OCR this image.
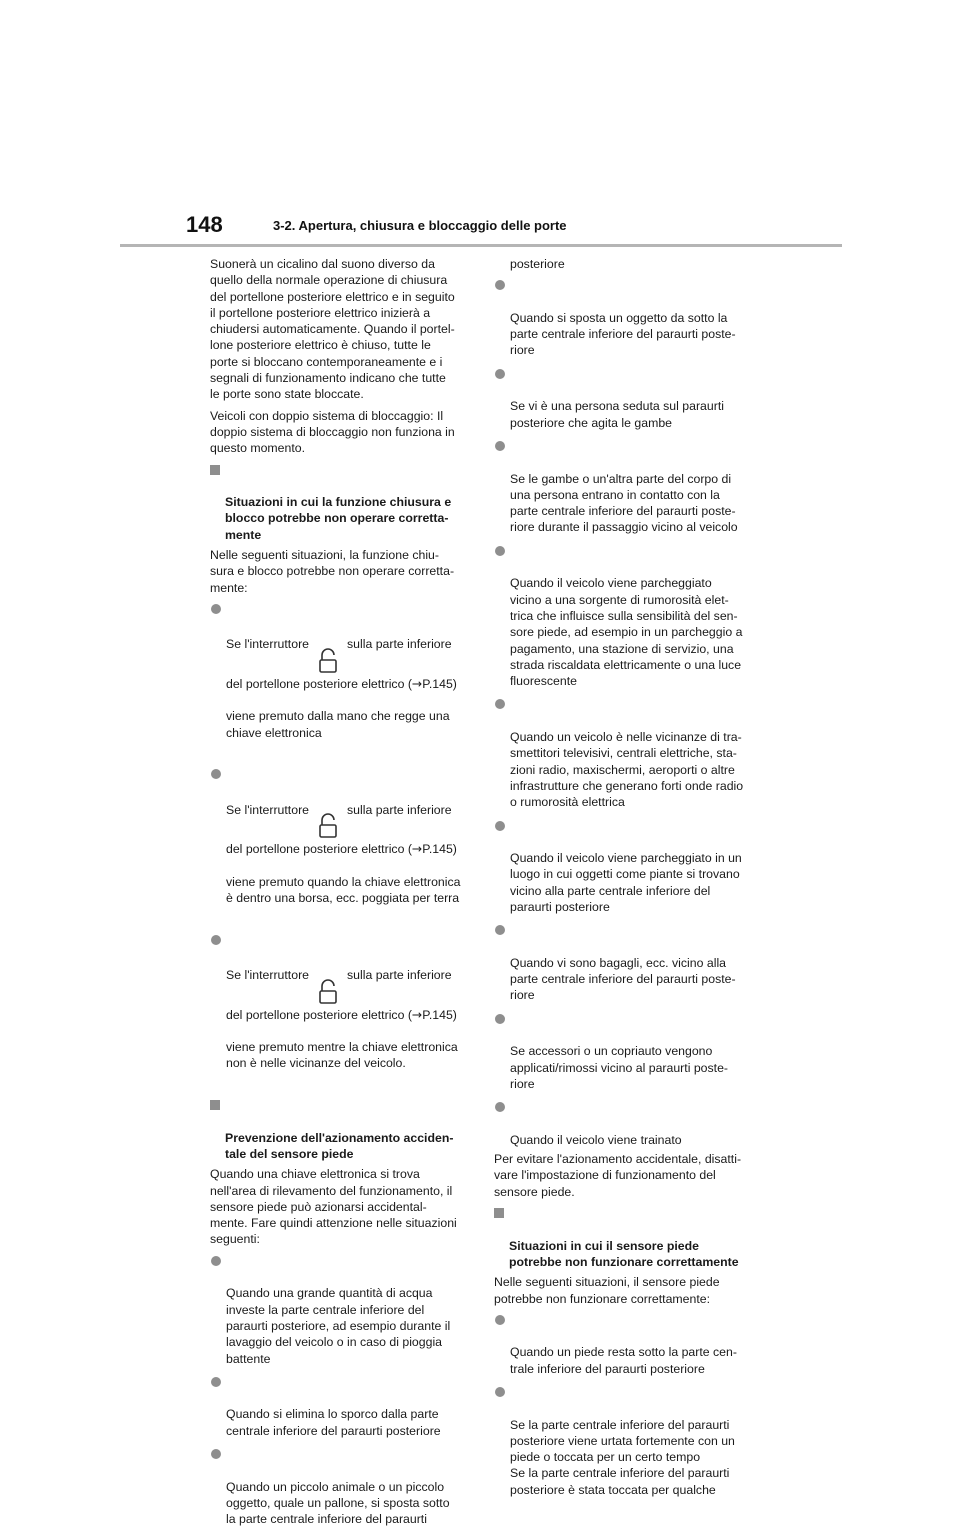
148	3-2. Apertura, chiusura e bloccaggio delle porte

Suonerà un cicalino dal suono diverso da
quello della normale operazione di chiusura
del portellone posteriore elettrico e in seguito
il portellone posteriore elettrico inizierà a
chiudersi automaticamente. Quando il portel-
lone posteriore elettrico è chiuso, tutte le
porte si bloccano contemporaneamente e i
segnali di funzionamento indicano che tutte
le porte sono state bloccate.

Veicoli con doppio sistema di bloccaggio: Il
doppio sistema di bloccaggio non funziona in
questo momento.

Situazioni in cui la funzione chiusura e
blocco potrebbe non operare corretta-
mente

Nelle seguenti situazioni, la funzione chiu-
sura e blocco potrebbe non operare corretta-
mente:

Se l'interruttore	sulla parte inferiore

del portellone posteriore elettrico (→P.145)

viene premuto dalla mano che regge una
chiave elettronica

Se l'interruttore	sulla parte inferiore

del portellone posteriore elettrico (→P.145)

viene premuto quando la chiave elettronica
è dentro una borsa, ecc. poggiata per terra

Se l'interruttore	sulla parte inferiore

del portellone posteriore elettrico (→P.145)

viene premuto mentre la chiave elettronica
non è nelle vicinanze del veicolo.

Prevenzione dell'azionamento acciden-
tale del sensore piede

Quando una chiave elettronica si trova
nell'area di rilevamento del funzionamento, il
sensore piede può azionarsi accidental-
mente. Fare quindi attenzione nelle situazioni
seguenti:

Quando una grande quantità di acqua
investe la parte centrale inferiore del
paraurti posteriore, ad esempio durante il
lavaggio del veicolo o in caso di pioggia
battente

Quando si elimina lo sporco dalla parte
centrale inferiore del paraurti posteriore

Quando un piccolo animale o un piccolo
oggetto, quale un pallone, si sposta sotto
la parte centrale inferiore del paraurti

posteriore

Quando si sposta un oggetto da sotto la
parte centrale inferiore del paraurti poste-
riore

Se vi è una persona seduta sul paraurti
posteriore che agita le gambe

Se le gambe o un'altra parte del corpo di
una persona entrano in contatto con la
parte centrale inferiore del paraurti poste-
riore durante il passaggio vicino al veicolo

Quando il veicolo viene parcheggiato
vicino a una sorgente di rumorosità elet-
trica che influisce sulla sensibilità del sen-
sore piede, ad esempio in un parcheggio a
pagamento, una stazione di servizio, una
strada riscaldata elettricamente o una luce
fluorescente

Quando un veicolo è nelle vicinanze di tra-
smettitori televisivi, centrali elettriche, sta-
zioni radio, maxischermi, aeroporti o altre
infrastrutture che generano forti onde radio
o rumorosità elettrica

Quando il veicolo viene parcheggiato in un
luogo in cui oggetti come piante si trovano
vicino alla parte centrale inferiore del
paraurti posteriore

Quando vi sono bagagli, ecc. vicino alla
parte centrale inferiore del paraurti poste-
riore

Se accessori o un copriauto vengono
applicati/rimossi vicino al paraurti poste-
riore

Quando il veicolo viene trainato

Per evitare l'azionamento accidentale, disatti-
vare l'impostazione di funzionamento del
sensore piede.

Situazioni in cui il sensore piede
potrebbe non funzionare correttamente

Nelle seguenti situazioni, il sensore piede
potrebbe non funzionare correttamente:

Quando un piede resta sotto la parte cen-
trale inferiore del paraurti posteriore

Se la parte centrale inferiore del paraurti
posteriore viene urtata fortemente con un
piede o toccata per un certo tempo
Se la parte centrale inferiore del paraurti
posteriore è stata toccata per qualche
